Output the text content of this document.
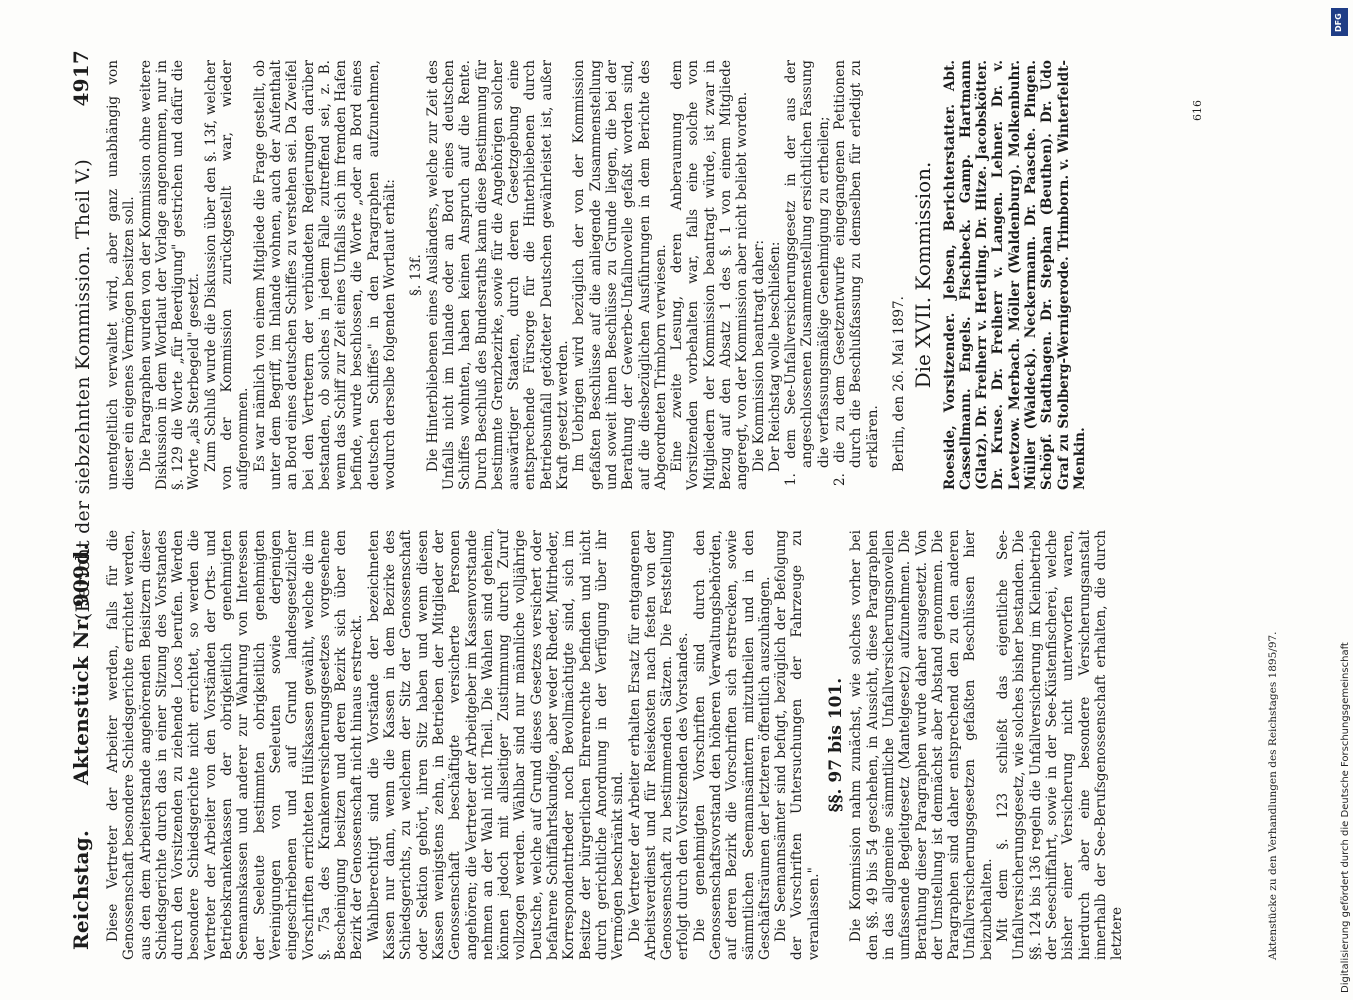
Reichstag.
Aktenstück Nr. 909d.
(Bericht der siebzehnten Kommission. Theil V.)
4917

Diese Vertreter der Arbeiter werden, falls für die Genossenschaft besondere Schiedsgerichte errichtet werden, aus den dem Arbeiterstande angehörenden Beisitzern dieser Schiedsgerichte durch das in einer Sitzung des Vorstandes durch den Vorsitzenden zu ziehende Loos berufen. Werden besondere Schiedsgerichte nicht errichtet, so werden die Vertreter der Arbeiter von den Vorständen der Orts- und Betriebskrankenkassen der obrigkeitlich genehmigten Seemannskassen und anderer zur Wahrung von Interessen der Seeleute bestimmten obrigkeitlich genehmigten Vereinigungen von Seeleuten sowie derjenigen eingeschriebenen und auf Grund landesgesetzlicher Vorschriften errichteten Hülfskassen gewählt, welche die im §. 75a des Krankenversicherungsgesetzes vorgesehene Bescheinigung besitzen und deren Bezirk sich über den Bezirk der Genossenschaft nicht hinaus erstreckt. Wahlberechtigt sind die Vorstände der bezeichneten Kassen nur dann, wenn die Kassen in dem Bezirke des Schiedsgerichts, zu welchem der Sitz der Genossenschaft oder Sektion gehört, ihren Sitz haben und wenn diesen Kassen wenigstens zehn, in Betrieben der Mitglieder der Genossenschaft beschäftigte versicherte Personen angehören; die Vertreter der Arbeitgeber im Kassenvorstande nehmen an der Wahl nicht Theil. Die Wahlen sind geheim, können jedoch mit allseitiger Zustimmung durch Zuruf vollzogen werden. Wählbar sind nur männliche volljährige Deutsche, welche auf Grund dieses Gesetzes versichert oder befahrene Schiffahrtskundige, aber weder Rheder, Mitrheder, Korrespondentrheder noch Bevollmächtigte sind, sich im Besitze der bürgerlichen Ehrenrechte befinden und nicht durch gerichtliche Anordnung in der Verfügung über ihr Vermögen beschränkt sind. Die Vertreter der Arbeiter erhalten Ersatz für entgangenen Arbeitsverdienst und für Reisekosten nach festen von der Genossenschaft zu bestimmenden Sätzen. Die Feststellung erfolgt durch den Vorsitzenden des Vorstandes. Die genehmigten Vorschriften sind durch den Genossenschaftsvorstand den höheren Verwaltungsbehörden, auf deren Bezirk die Vorschriften sich erstrecken, sowie sämmtlichen Seemannsämtern mitzutheilen und in den Geschäftsräumen der letzteren öffentlich auszuhängen. Die Seemannsämter sind befugt, bezüglich der Befolgung der Vorschriften Untersuchungen der Fahrzeuge zu veranlassen."

§§. 97 bis 101. Die Kommission nahm zunächst, wie solches vorher bei den §§. 49 bis 54 geschehen, in Aussicht, diese Paragraphen in das allgemeine sämmtliche Unfallversicherungsnovellen umfassende Begleitgesetz (Mantelgesetz) aufzunehmen. Die Berathung dieser Paragraphen wurde daher ausgesetzt. Von der Umstellung ist demnächst aber Abstand genommen. Die Paragraphen sind daher entsprechend den zu den anderen Unfallversicherungsgesetzen gefaßten Beschlüssen hier beizubehalten. Mit dem §. 123 schließt das eigentliche See-Unfallversicherungsgesetz, wie solches bisher bestanden. Die §§. 124 bis 136 regeln die Unfallversicherung im Kleinbetrieb der Seeschiffahrt, sowie in der See-Küstenfischerei, welche bisher einer Versicherung nicht unterworfen waren, hierdurch aber eine besondere Versicherungsanstalt innerhalb der See-Berufsgenossenschaft erhalten, die durch letztere	Aktenstücke zu den Verhandlungen des Reichstages 1895/97.

unentgeltlich verwaltet wird, aber ganz unabhängig von dieser ein eigenes Vermögen besitzen soll. Die Paragraphen wurden von der Kommission ohne weitere Diskussion in dem Wortlaut der Vorlage angenommen, nur in §. 129 die Worte „für Beerdigung" gestrichen und dafür die Worte „als Sterbegeld" gesetzt. Zum Schluß wurde die Diskussion über den §. 13f, welcher von der Kommission zurückgestellt war, wieder aufgenommen. Es war nämlich von einem Mitgliede die Frage gestellt, ob unter dem Begriff, im Inlande wohnen, auch der Aufenthalt an Bord eines deutschen Schiffes zu verstehen sei. Da Zweifel bei den Vertretern der verbündeten Regierungen darüber bestanden, ob solches in jedem Falle zutreffend sei, z. B. wenn das Schiff zur Zeit eines Unfalls sich im fremden Hafen befinde, wurde beschlossen, die Worte „oder an Bord eines deutschen Schiffes" in den Paragraphen aufzunehmen, wodurch derselbe folgenden Wortlaut erhält: §. 13f. Die Hinterbliebenen eines Ausländers, welche zur Zeit des Unfalls nicht im Inlande oder an Bord eines deutschen Schiffes wohnten, haben keinen Anspruch auf die Rente. Durch Beschluß des Bundesraths kann diese Bestimmung für bestimmte Grenzbezirke, sowie für die Angehörigen solcher auswärtiger Staaten, durch deren Gesetzgebung eine entsprechende Fürsorge für die Hinterbliebenen durch Betriebsunfall getödteter Deutschen gewährleistet ist, außer Kraft gesetzt werden. Im Uebrigen wird bezüglich der von der Kommission gefaßten Beschlüsse auf die anliegende Zusammenstellung und soweit ihnen Beschlüsse zu Grunde liegen, die bei der Berathung der Gewerbe-Unfallnovelle gefaßt worden sind, auf die diesbezüglichen Ausführungen in dem Berichte des Abgeordneten Trimborn verwiesen. Eine zweite Lesung, deren Anberaumung dem Vorsitzenden vorbehalten war, falls eine solche von Mitgliedern der Kommission beantragt würde, ist zwar in Bezug auf den Absatz 1 des §. 1 von einem Mitgliede angeregt, von der Kommission aber nicht beliebt worden. Die Kommission beantragt daher: Der Reichstag wolle beschließen: 1. dem See-Unfallversicherungsgesetz in der aus der angeschlossenen Zusammenstellung ersichtlichen Fassung die verfassungsmäßige Genehmigung zu ertheilen; 2. die zu dem Gesetzentwurfe eingegangenen Petitionen durch die Beschlußfassung zu demselben für erledigt zu erklären. Berlin, den 26. Mai 1897. Die XVII. Kommission. Roeside, Vorsitzender. Jebsen, Berichterstatter. Abt. Cassellmann. Engels. Fischbeck. Gamp. Hartmann (Glatz). Dr. Freiherr v. Hertling. Dr. Hitze. Jacobskötter. Dr. Kruse. Dr. Freiherr v. Langen. Lehner. Dr. v. Levetzow. Merbach. Möller (Waldenburg). Molkenbuhr. Müller (Waldeck). Neckermann. Dr. Paasche. Pingen. Schöpf. Stadthagen. Dr. Stephan (Beuthen). Dr. Udo Graf zu Stolberg-Wernigerode. Trimborn. v. Winterfeldt-Menkin.

616
DFG
Digitalisierung gefördert durch die Deutsche Forschungsgemeinschaft
